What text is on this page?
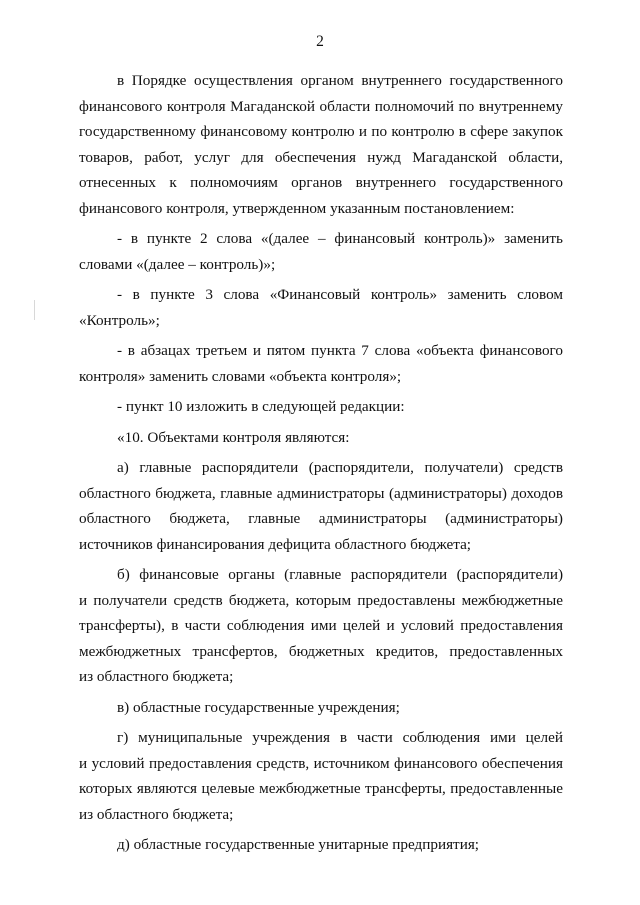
2
в Порядке осуществления органом внутреннего государственного
финансового контроля Магаданской области полномочий по внутреннему
государственному финансовому контролю и по контролю в сфере закупок
товаров, работ, услуг для обеспечения нужд Магаданской области,
отнесенных к полномочиям органов внутреннего государственного
финансового контроля, утвержденном указанным постановлением:
- в пункте 2 слова «(далее – финансовый контроль)» заменить
словами «(далее – контроль)»;
- в пункте 3 слова «Финансовый контроль» заменить словом
«Контроль»;
- в абзацах третьем и пятом пункта 7 слова «объекта финансового
контроля» заменить словами «объекта контроля»;
- пункт 10 изложить в следующей редакции:
«10. Объектами контроля являются:
а) главные распорядители (распорядители, получатели) средств
областного бюджета, главные администраторы (администраторы) доходов
областного бюджета, главные администраторы (администраторы)
источников финансирования дефицита областного бюджета;
б) финансовые органы (главные распорядители (распорядители)
и получатели средств бюджета, которым предоставлены межбюджетные
трансферты), в части соблюдения ими целей и условий предоставления
межбюджетных трансфертов, бюджетных кредитов, предоставленных
из областного бюджета;
в) областные государственные учреждения;
г) муниципальные учреждения в части соблюдения ими целей
и условий предоставления средств, источником финансового обеспечения
которых являются целевые межбюджетные трансферты, предоставленные
из областного бюджета;
д) областные государственные унитарные предприятия;
